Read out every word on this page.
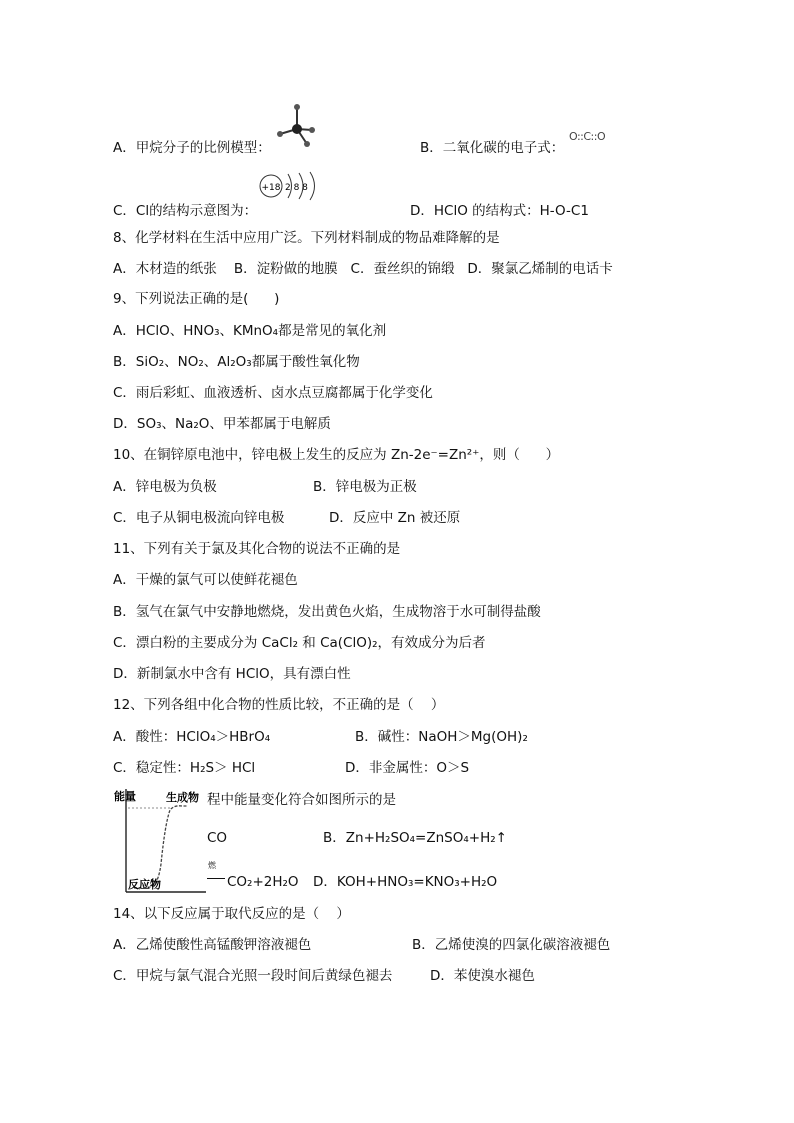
A．甲烷分子的比例模型：	B．二氧化碳的电子式：
O::C::O
+18 2 8 8
C．Cl的结构示意图为：	D．HClO 的结构式：H-O-C1
8、化学材料在生活中应用广泛。下列材料制成的物品难降解的是
A．木材造的纸张    B．淀粉做的地膜   C．蚕丝织的锦缎   D．聚氯乙烯制的电话卡
9、下列说法正确的是(      )
A．HClO、HNO₃、KMnO₄都是常见的氧化剂
B．SiO₂、NO₂、Al₂O₃都属于酸性氧化物
C．雨后彩虹、血液透析、卤水点豆腐都属于化学变化
D．SO₃、Na₂O、甲苯都属于电解质
10、在铜锌原电池中，锌电极上发生的反应为 Zn-2e⁻=Zn²⁺，则（      ）
A．锌电极为负极	B．锌电极为正极
C．电子从铜电极流向锌电极	D．反应中 Zn 被还原
11、下列有关于氯及其化合物的说法不正确的是
A．干燥的氯气可以使鲜花褪色
B．氢气在氯气中安静地燃烧，发出黄色火焰，生成物溶于水可制得盐酸
C．漂白粉的主要成分为 CaCl₂ 和 Ca(ClO)₂，有效成分为后者
D．新制氯水中含有 HClO，具有漂白性
12、下列各组中化合物的性质比较，不正确的是（    ）
A．酸性：HClO₄＞HBrO₄	B．碱性：NaOH＞Mg(OH)₂
C．稳定性：H₂S＞ HCl	D．非金属性：O＞S
能量	生成物
反应物
程中能量变化符合如图所示的是
CO	B．Zn+H₂SO₄=ZnSO₄+H₂↑
燃
CO₂+2H₂O D．KOH+HNO₃=KNO₃+H₂O
14、以下反应属于取代反应的是（    ）
A．乙烯使酸性高锰酸钾溶液褪色	B．乙烯使溴的四氯化碳溶液褪色
C．甲烷与氯气混合光照一段时间后黄绿色褪去	D．苯使溴水褪色
